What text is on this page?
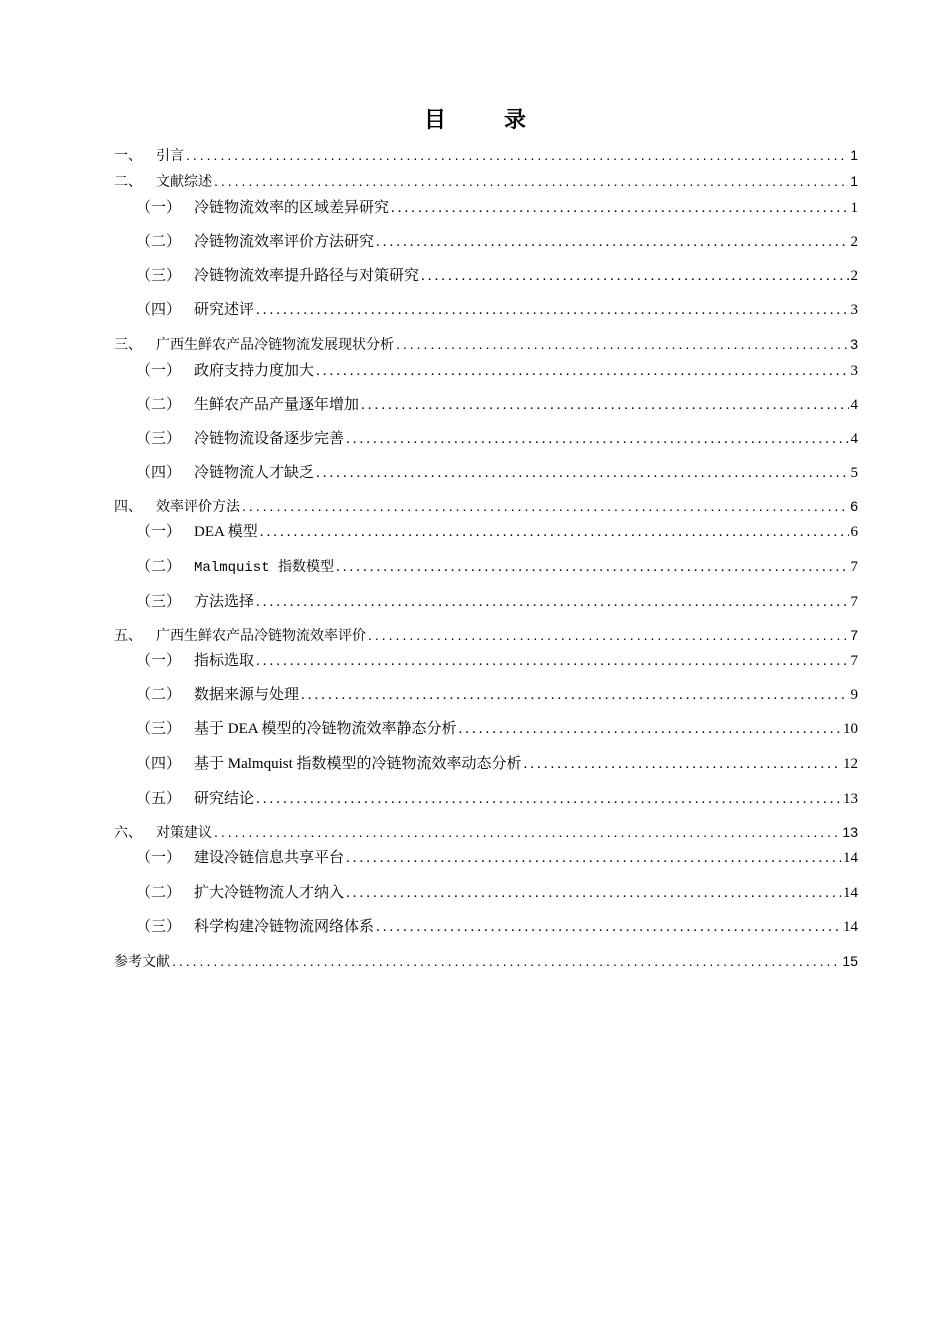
目 录
一、	引言 .....	1
二、	文献综述 .....	1
（一） 冷链物流效率的区域差异研究 .....	1
（二） 冷链物流效率评价方法研究 .....	2
（三） 冷链物流效率提升路径与对策研究 .....	2
（四） 研究述评 .....	3
三、	广西生鲜农产品冷链物流发展现状分析 .....	3
（一） 政府支持力度加大 .....	3
（二） 生鲜农产品产量逐年增加 .....	4
（三） 冷链物流设备逐步完善 .....	4
（四） 冷链物流人才缺乏 .....	5
四、	效率评价方法 .....	6
（一） DEA 模型 .....	6
（二） Malmquist 指数模型 .....	7
（三） 方法选择 .....	7
五、	广西生鲜农产品冷链物流效率评价 .....	7
（一） 指标选取 .....	7
（二） 数据来源与处理 .....	9
（三） 基于 DEA 模型的冷链物流效率静态分析 .....	10
（四） 基于 Malmquist 指数模型的冷链物流效率动态分析 .....	12
（五） 研究结论 .....	13
六、	对策建议 .....	13
（一） 建设冷链信息共享平台 .....	14
（二） 扩大冷链物流人才纳入 .....	14
（三） 科学构建冷链物流网络体系 .....	14
参考文献 .....	15
